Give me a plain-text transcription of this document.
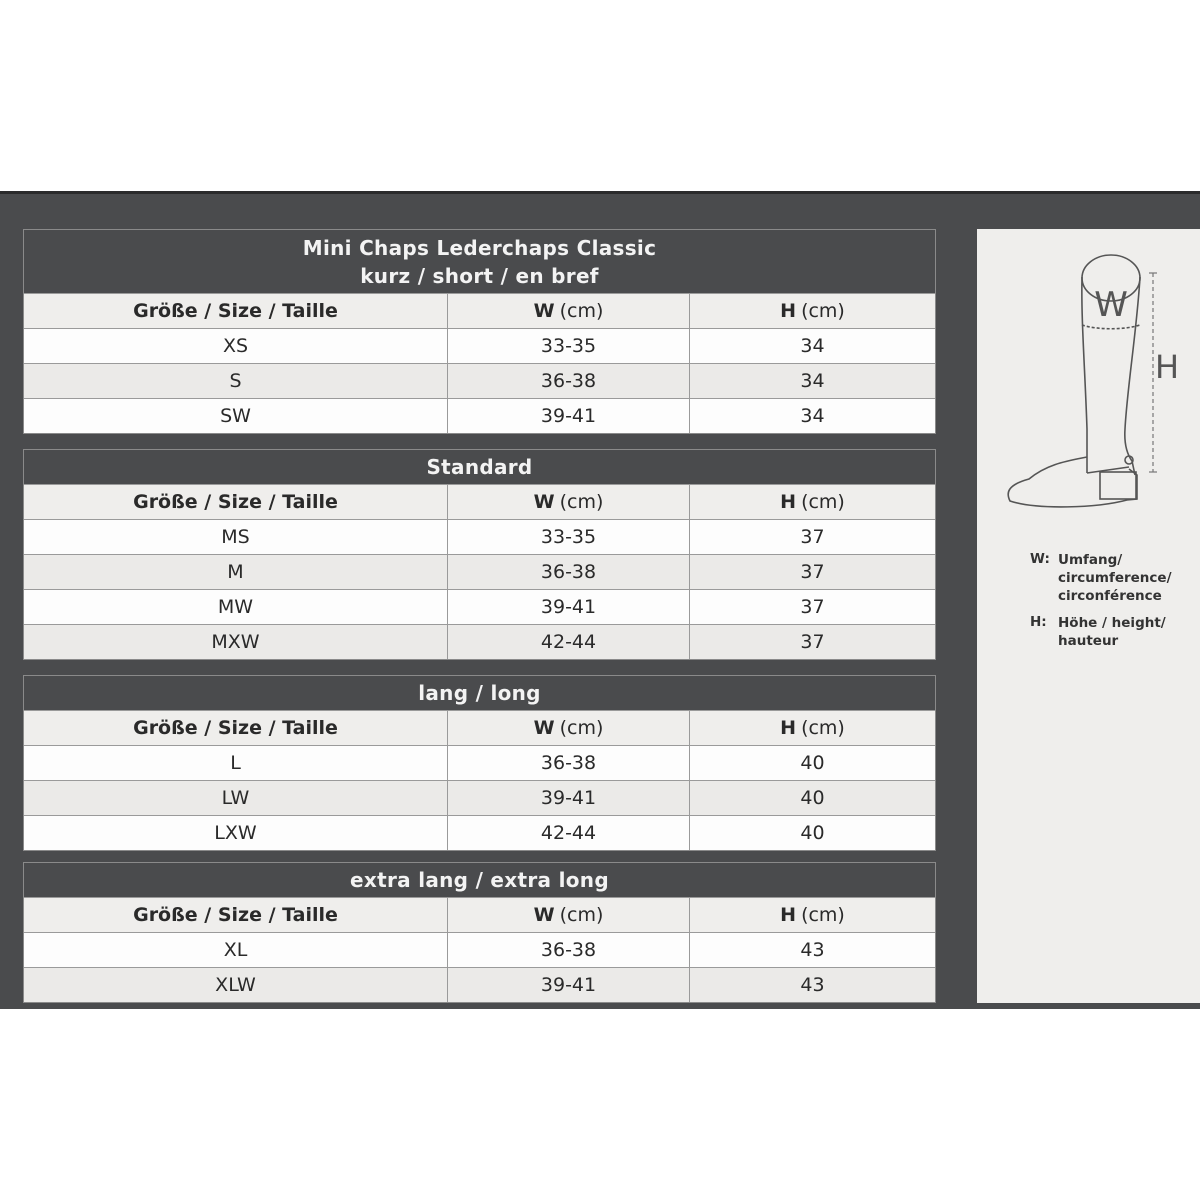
Mini Chaps Lederchaps Classic
kurz / short / en bref
Größe / Size / Taille	W (cm)	H (cm)
XS	33-35	34
S	36-38	34
SW	39-41	34
Standard
Größe / Size / Taille	W (cm)	H (cm)
MS	33-35	37
M	36-38	37
MW	39-41	37
MXW	42-44	37
lang / long
Größe / Size / Taille	W (cm)	H (cm)
L	36-38	40
LW	39-41	40
LXW	42-44	40
extra lang / extra long
Größe / Size / Taille	W (cm)	H (cm)
XL	36-38	43
XLW	39-41	43
W
H
W: Umfang/
circumference/
circonférence
H: Höhe / height/
hauteur
